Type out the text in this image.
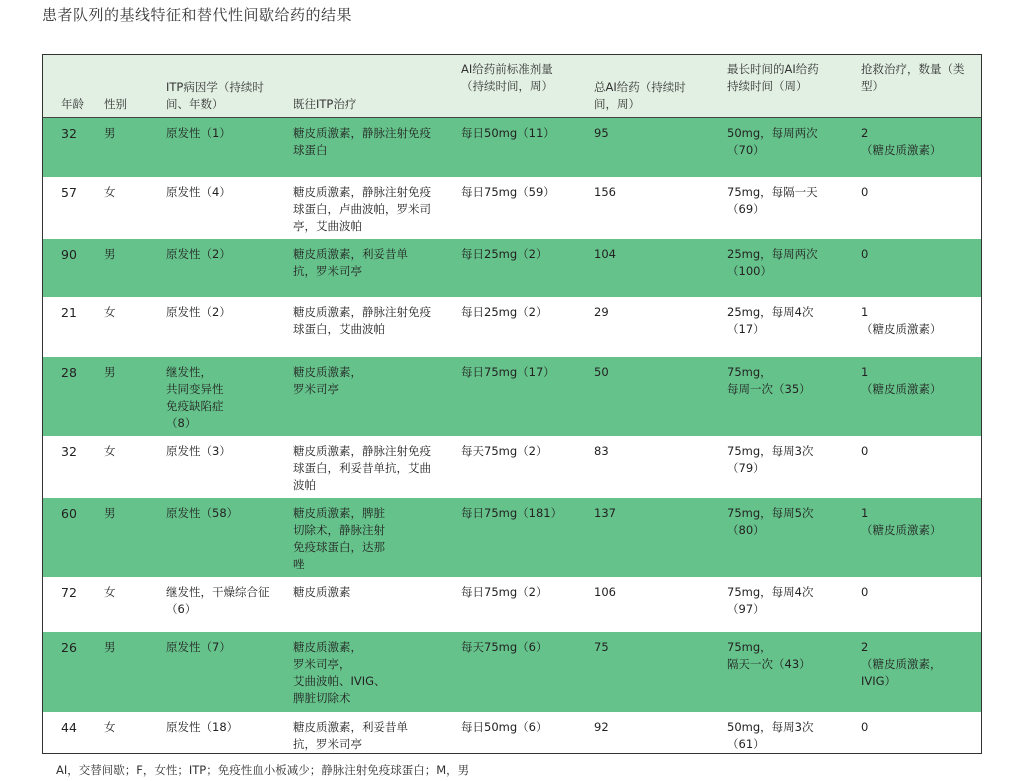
患者队列的基线特征和替代性间歇给药的结果
年龄	性别	ITP病因学（持续时
间、年数）	既往ITP治疗	AI给药前标准剂量
（持续时间，周）	总AI给药（持续时
间，周）	最长时间的AI给药
持续时间（周）	抢救治疗，数量（类
型）

32	男	原发性（1）	糖皮质激素，静脉注射免疫
球蛋白	每日50mg（11）	95	50mg，每周两次
（70）	2
（糖皮质激素）

57	女	原发性（4）	糖皮质激素，静脉注射免疫
球蛋白，卢曲波帕，罗米司
亭，艾曲波帕	每日75mg（59）	156	75mg，每隔一天
（69）	0

90	男	原发性（2）	糖皮质激素，利妥昔单
抗，罗米司亭	每日25mg（2）	104	25mg，每周两次
（100）	0

21	女	原发性（2）	糖皮质激素，静脉注射免疫
球蛋白，艾曲波帕	每日25mg（2）	29	25mg，每周4次
（17）	1
（糖皮质激素）

28	男	继发性，
共同变异性
免疫缺陷症
（8）	糖皮质激素，
罗米司亭	每日75mg（17）	50	75mg，
每周一次（35）	1
（糖皮质激素）

32	女	原发性（3）	糖皮质激素，静脉注射免疫
球蛋白，利妥昔单抗，艾曲
波帕	每天75mg（2）	83	75mg，每周3次
（79）	0

60	男	原发性（58）	糖皮质激素，脾脏
切除术，静脉注射
免疫球蛋白，达那
唑	每日75mg（181）	137	75mg，每周5次
（80）	1
（糖皮质激素）

72	女	继发性，干燥综合征
（6）	糖皮质激素	每日75mg（2）	106	75mg，每周4次
（97）	0

26	男	原发性（7）	糖皮质激素，
罗米司亭，
艾曲波帕、IVIG、
脾脏切除术	每天75mg（6）	75	75mg，
隔天一次（43）	2
（糖皮质激素，
IVIG）

44	女	原发性（18）	糖皮质激素，利妥昔单
抗，罗米司亭	每日50mg（6）	92	50mg，每周3次
（61）	0
AI，交替间歇；F，女性；ITP；免疫性血小板减少；静脉注射免疫球蛋白；M，男
